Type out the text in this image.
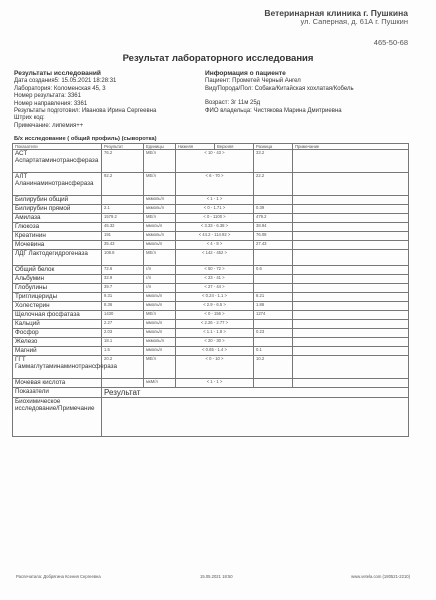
Ветеринарная клиника г. Пушкина
ул. Саперная, д. 61А г. Пушкин
465-50-68
Результат лабораторного исследования
Результаты исследований
Дата создания5: 15.05.2021 18:28:31
Лаборатория: Коломенская 45, 3
Номер результата: 3361
Номер направления: 3361
Результаты подготовил: Иванова Ирина Сергеевна
Штрих код:
Примечание: липемия++
Информация о пациенте
Пациент: Прометей Черный Ангел
Вид/Порода/Пол: Собака/Китайская хохлатая/Кобель
Возраст: 3г 11м 25д
ФИО владельца: Чистякова Марина Дмитриевна
Б/х исследование ( общий профиль) (сыворотка)
Показатели	Результат	Единицы	Нижняя	Верхняя	Разница	Примечание

АСТ Аспартатаминотрансфераза	76.2	ME/л	< 10 - 43 >		33.2	

АЛТ Аланинаминотрансфераза	92.2	ME/л	< 6 - 70 >		22.2	

Билирубин общий		мкмоль/л	< 1 - 1 >			

Билирубин прямой	2.1	мкмоль/л	< 0 - 1.71 >		0.39	

Амилаза	1579.2	ME/л	< 0 - 1100 >		479.2	

Глюкоза	45.32	ммоль/л	< 3.33 - 6.38 >		38.94	

Креатинин	191	мкмоль/л	< 44.2 - 114.92 >		76.08	

Мочевина	35.43	ммоль/л	< 4 - 8 >		27.43	

ЛДГ Лактодегидрогеназа	108.8	ME/л	< 142 - 452 >			

Общий белок	72.6	г/л	< 50 - 72 >		0.6	

Альбумин	32.9	г/л	< 23 - 41 >			

Глобулины	39.7	г/л	< 27 - 44 >			

Триглицериды	9.31	ммоль/л	< 0.24 - 1.1 >		8.21	

Холестерин	8.36	ммоль/л	< 2.9 - 6.5 >		1.86	

Щелочная фосфатаза	1430	ME/л	< 0 - 156 >		1274	

Кальций	2.27	ммоль/л	< 2.26 - 2.77 >			

Фосфор	2.03	ммоль/л	< 1.1 - 1.8 >		0.23	

Железо	18.1	мкмоль/л	< 20 - 30 >			

Магний	1.5	ммоль/л	< 0.65 - 1.4 >		0.1	

ГГТ Гаммаглутаминаминотрансфераза	20.2	ME/л	< 0 - 10 >		10.2	

Мочевая кислота		мкМ/л	< 1 - 1 >			

Показатели	Результат					

Биохимическое исследование/Примечание						

Распечатала: Добрягина Ксения Сергеевна	15.05.2021 18:50	www.vetela.com (180521-2210)
